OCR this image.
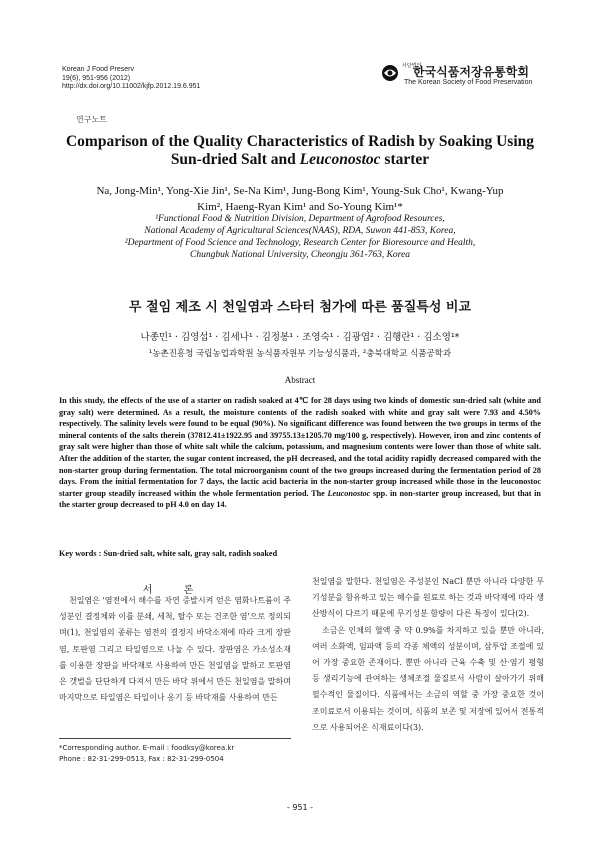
Korean J Food Preserv
19(6), 951-956 (2012)
http://dx.doi.org/10.11002/kjfp.2012.19.6.951
사단법인
한국식품저장유통학회
The Korean Society of Food Preservation
연구노트
Comparison of the Quality Characteristics of Radish by Soaking Using
Sun-dried Salt and Leuconostoc starter
Na, Jong-Min¹, Yong-Xie Jin¹, Se-Na Kim¹, Jung-Bong Kim¹, Young-Suk Cho¹, Kwang-Yup
Kim², Haeng-Ryan Kim¹ and So-Young Kim¹*
¹Functional Food & Nutrition Division, Department of Agrofood Resources,
National Academy of Agricultural Sciences(NAAS), RDA, Suwon 441-853, Korea,
²Department of Food Science and Technology, Research Center for Bioresource and Health,
Chungbuk National University, Cheongju 361-763, Korea
무 절임 제조 시 천일염과 스타터 첨가에 따른 품질특성 비교
나종민¹ · 김영섭¹ · 김세나¹ · 김정봉¹ · 조영숙¹ · 김광엽² · 김행란¹ · 김소영¹*
¹농촌진흥청 국립농업과학원 농식품자원부 기능성식품과, ²충북대학교 식품공학과
Abstract
In this study, the effects of the use of a starter on radish soaked at 4℃ for 28 days using two kinds of domestic sun-dried salt (white and gray salt) were determined. As a result, the moisture contents of the radish soaked with white and gray salt were 7.93 and 4.50% respectively. The salinity levels were found to be equal (90%). No significant difference was found between the two groups in terms of the mineral contents of the salts therein (37812.41±1922.95 and 39755.13±1205.70 mg/100 g, respectively). However, iron and zinc contents of gray salt were higher than those of white salt while the calcium, potassium, and magnesium contents were lower than those of white salt. After the addition of the starter, the sugar content increased, the pH decreased, and the total acidity rapidly decreased compared with the non-starter group during fermentation. The total microorganism count of the two groups increased during the fermentation period of 28 days. From the initial fermentation for 7 days, the lactic acid bacteria in the non-starter group increased while those in the leuconostoc starter group steadily increased within the whole fermentation period. The Leuconostoc spp. in non-starter group increased, but that in the starter group decreased to pH 4.0 on day 14.
Key words : Sun-dried salt, white salt, gray salt, radish soaked
서 론

천일염은 '염전에서 해수를 자연 증발시켜 얻은 염화나트륨이 주성분인 결정체와 이를 분쇄, 세척, 탈수 또는 건조한 염'으로 정의되며(1), 천일염의 종류는 염전의 결정지 바닥소재에 따라 크게 장판염, 토판염 그리고 타일염으로 나눌 수 있다. 장판염은 가소성소재를 이용한 장판을 바닥재로 사용하여 만든 천일염을 말하고 토판염은 갯벌을 단단하게 다져서 만든 바닥 위에서 만든 천일염을 말하며 마지막으로 타일염은 타일이나 옹기 등 바닥재를 사용하여 만든

천일염을 말한다. 천일염은 주성분인 NaCl 뿐만 아니라 다양한 무기성분을 함유하고 있는 해수를 원료로 하는 것과 바닥재에 따라 생산방식이 다르기 때문에 무기성분 함량이 다른 특징이 있다(2).

소금은 인체의 혈액 중 약 0.9%를 차지하고 있을 뿐만 아니라, 여러 소화액, 임파액 등의 각종 체액의 성분이며, 삼투압 조절에 있어 가장 중요한 존재이다. 뿐만 아니라 근육 수축 및 산·염기 평형 등 생리기능에 관여하는 생체조절 물질로서 사람이 살아가기 위해 필수적인 물질이다. 식품에서는 소금의 역할 중 가장 중요한 것이 조미료로서 이용되는 것이며, 식품의 보존 및 저장에 있어서 전통적으로 사용되어온 식재료이다(3).

*Corresponding author. E-mail : foodksy@korea.kr
Phone : 82-31-299-0513, Fax : 82-31-299-0504
- 951 -
